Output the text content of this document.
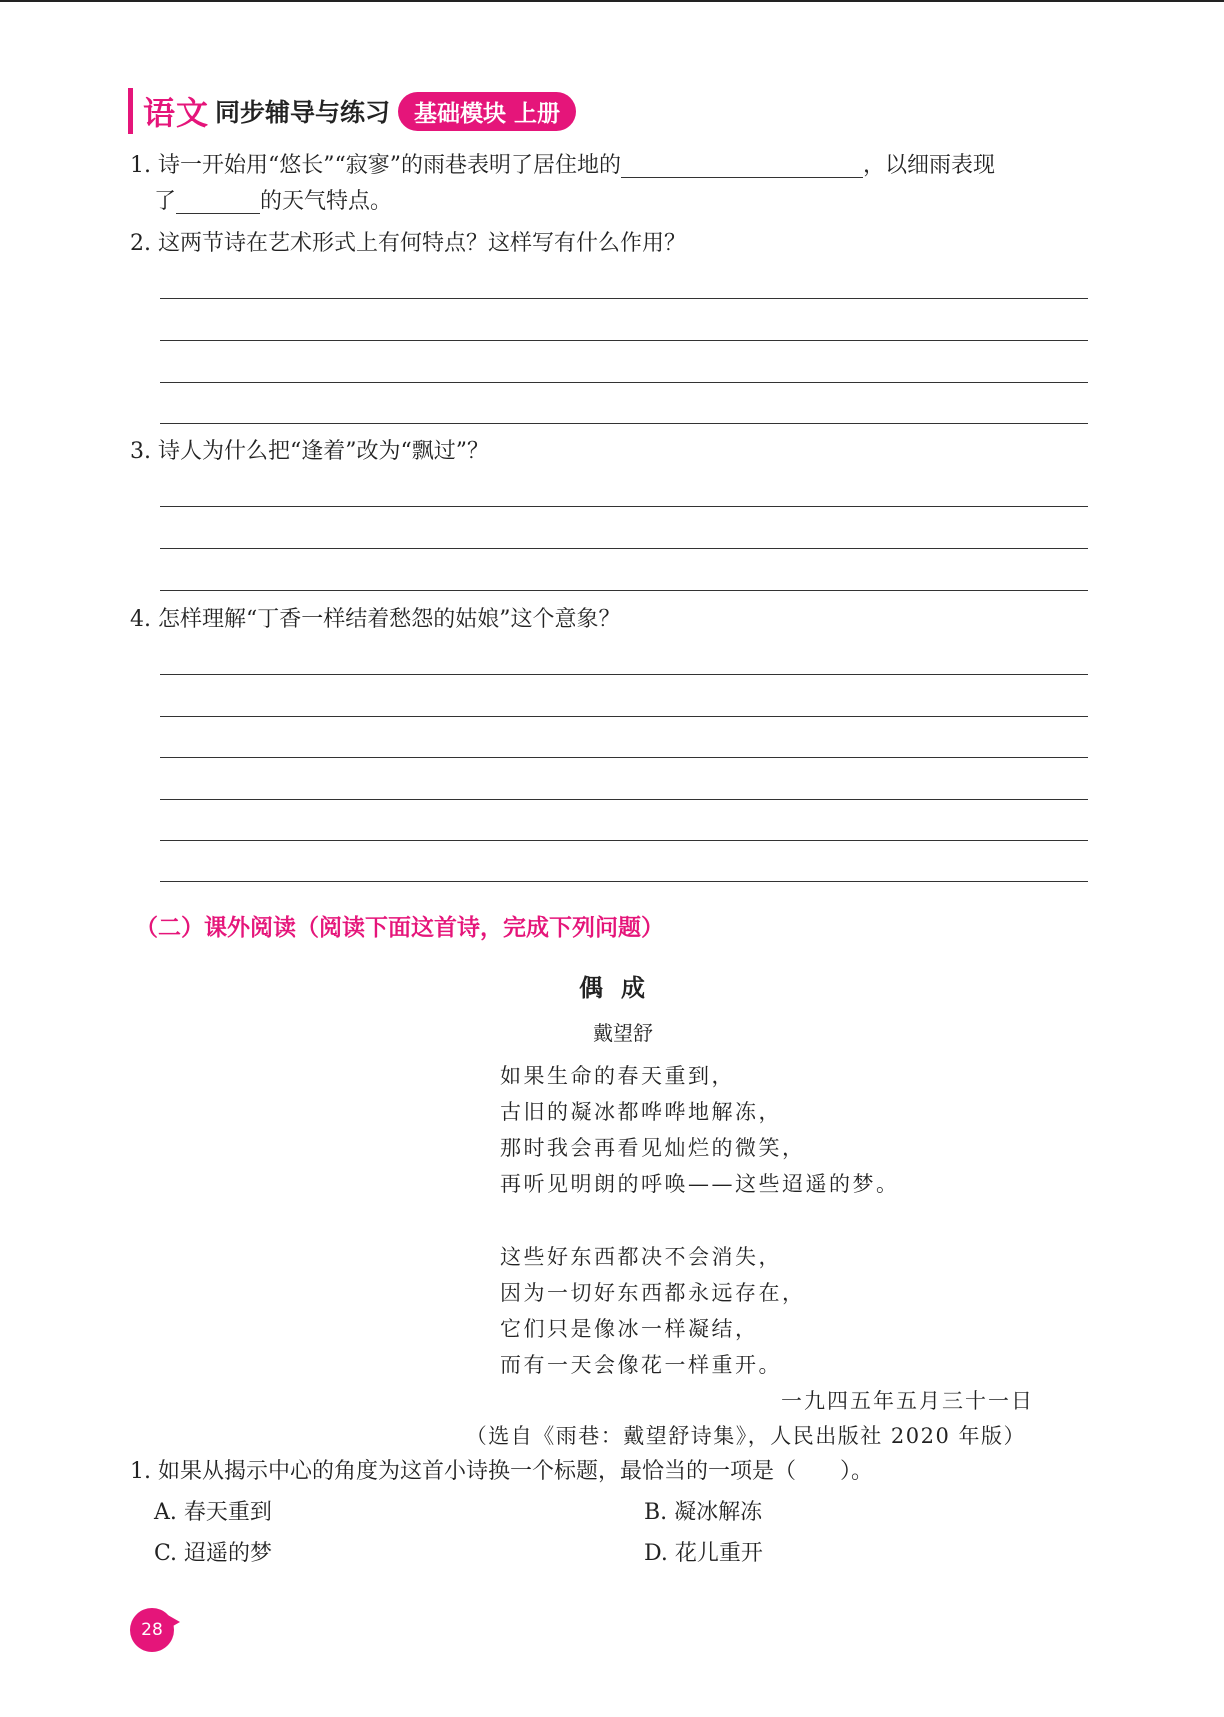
语文 同步辅导与练习	基础模块 上册
1. 诗一开始用“悠长”“寂寥”的雨巷表明了居住地的	，以细雨表现
了	的天气特点。
2. 这两节诗在艺术形式上有何特点？这样写有什么作用？
3. 诗人为什么把“逢着”改为“飘过”？
4. 怎样理解“丁香一样结着愁怨的姑娘”这个意象？
（二）课外阅读（阅读下面这首诗，完成下列问题）
偶成
戴望舒
如果生命的春天重到，
古旧的凝冰都哗哗地解冻，
那时我会再看见灿烂的微笑，
再听见明朗的呼唤——这些迢遥的梦。
这些好东西都决不会消失，
因为一切好东西都永远存在，
它们只是像冰一样凝结，
而有一天会像花一样重开。
一九四五年五月三十一日
（选自《雨巷：戴望舒诗集》，人民出版社 2020 年版）
1. 如果从揭示中心的角度为这首小诗换一个标题，最恰当的一项是（　　）。
A. 春天重到	B. 凝冰解冻
C. 迢遥的梦	D. 花儿重开
28
